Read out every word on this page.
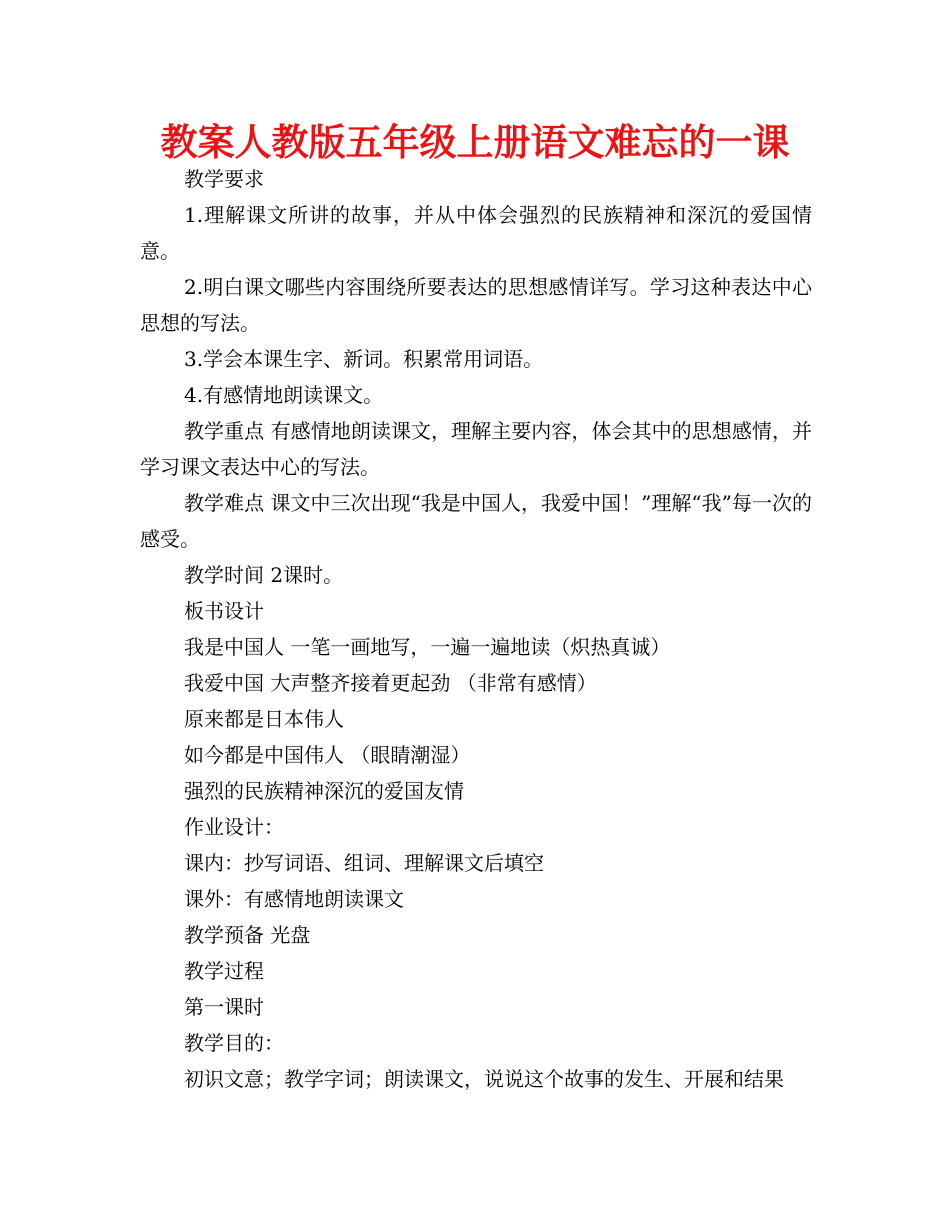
教案人教版五年级上册语文难忘的一课

教学要求

1.理解课文所讲的故事，并从中体会强烈的民族精神和深沉的爱国情意。

2.明白课文哪些内容围绕所要表达的思想感情详写。学习这种表达中心思想的写法。

3.学会本课生字、新词。积累常用词语。

4.有感情地朗读课文。

教学重点 有感情地朗读课文，理解主要内容，体会其中的思想感情，并学习课文表达中心的写法。

教学难点 课文中三次出现“我是中国人，我爱中国！”理解“我”每一次的感受。

教学时间 2课时。

板书设计

我是中国人 一笔一画地写，一遍一遍地读（炽热真诚）

我爱中国 大声整齐接着更起劲 （非常有感情）

原来都是日本伟人

如今都是中国伟人 （眼睛潮湿）

强烈的民族精神深沉的爱国友情

作业设计：

课内：抄写词语、组词、理解课文后填空

课外：有感情地朗读课文

教学预备 光盘

教学过程

第一课时

教学目的：

初识文意；教学字词；朗读课文，说说这个故事的发生、开展和结果
